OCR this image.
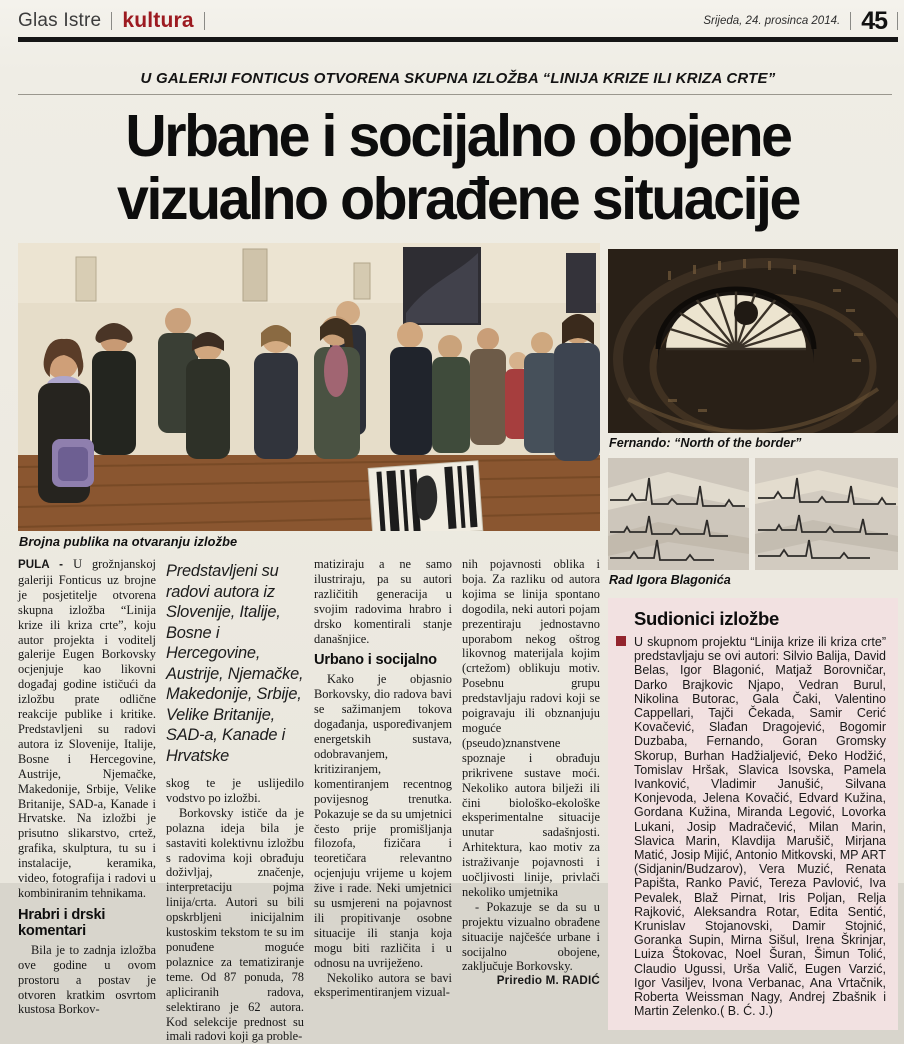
Glas Istre kultura	Srijeda, 24. prosinca 2014. 45
U GALERIJI FONTICUS OTVORENA SKUPNA IZLOŽBA “LINIJA KRIZE ILI KRIZA CRTE”
Urbane i socijalno obojene
vizualno obrađene situacije
Brojna publika na otvaranju izložbe

PULA - U grožnjanskoj galeriji Fonticus uz brojne je posjetitelje otvorena skupna izložba “Linija krize ili kriza crte”, koju autor projekta i voditelj galerije Eugen Borkovsky ocjenjuje kao likovni događaj godine ističući da izložbu prate odlične reakcije publike i kritike. Predstavljeni su radovi autora iz Slovenije, Italije, Bosne i Hercegovine, Austrije, Njemačke, Makedonije, Srbije, Velike Britanije, SAD-a, Kanade i Hrvatske. Na izložbi je prisutno slikarstvo, crtež, grafika, skulptura, tu su i instalacije, keramika, video, fotografija i radovi u kombiniranim tehnikama.

Hrabri i drski komentari

Bila je to zadnja izložba ove godine u ovom prostoru a postav je otvoren kratkim osvrtom kustosa Borkov-

Predstavljeni su radovi autora iz Slovenije, Italije, Bosne i Hercegovine, Austrije, Njemačke, Makedonije, Srbije, Velike Britanije, SAD-a, Kanade i Hrvatske

skog te je uslijedilo vodstvo po izložbi.

Borkovsky ističe da je polazna ideja bila je sastaviti kolektivnu izložbu s radovima koji obrađuju doživljaj, značenje, interpretaciju pojma linija/crta. Autori su bili opskrbljeni inicijalnim kustoskim tekstom te su im ponuđene moguće polaznice za tematiziranje teme. Od 87 ponuda, 78 apliciranih radova, selektirano je 62 autora. Kod selekcije prednost su imali radovi koji ga proble-

matiziraju a ne samo ilustriraju, pa su autori različitih generacija u svojim radovima hrabro i drsko komentirali stanje današnjice.

Urbano i socijalno

Kako je objasnio Borkovsky, dio radova bavi se sažimanjem tokova događanja, uspoređivanjem energetskih sustava, odobravanjem, kritiziranjem, komentiranjem recentnog povijesnog trenutka. Pokazuje se da su umjetnici često prije promišljanja filozofa, fizičara i teoretičara relevantno ocjenjuju vrijeme u kojem žive i rade. Neki umjetnici su usmjereni na pojavnost ili propitivanje osobne situacije ili stanja koja mogu biti različita i u odnosu na uvriježeno.

Nekoliko autora se bavi eksperimentiranjem vizual-

nih pojavnosti oblika i boja. Za razliku od autora kojima se linija spontano dogodila, neki autori pojam prezentiraju jednostavno uporabom nekog oštrog likovnog materijala kojim (crtežom) oblikuju motiv. Posebnu grupu predstavljaju radovi koji se poigravaju ili obznanjuju moguće (pseudo)znanstvene spoznaje i obrađuju prikrivene sustave moći. Nekoliko autora bilježi ili čini biološko-ekološke eksperimentalne situacije unutar sadašnjosti. Arhitektura, kao motiv za istraživanje pojavnosti i uočljivosti linije, privlači nekoliko umjetnika

- Pokazuje se da su u projektu vizualno obrađene situacije najčešće urbane i socijalno obojene, zaključuje Borkovsky.
Priredio M. RADIĆ

Fernando: “North of the border”
Rad Igora Blagonića
Sudionici izložbe

U skupnom projektu “Linija krize ili kriza crte” predstavljaju se ovi autori: Silvio Balija, David Belas, Igor Blagonić, Matjaž Borovničar, Darko Brajkovic Njapo, Vedran Burul, Nikolina Butorac, Gala Čaki, Valentino Cappellari, Tajči Čekada, Samir Cerić Kovačević, Slađan Dragojević, Bogomir Duzbaba, Fernando, Goran Gromsky Skorup, Burhan Hadžialjević, Đeko Hodžić, Tomislav Hršak, Slavica Isovska, Pamela Ivanković, Vladimir Janušić, Silvana Konjevoda, Jelena Kovačić, Edvard Kužina, Gordana Kužina, Miranda Legović, Lovorka Lukani, Josip Madračević, Milan Marin, Slavica Marin, Klavdija Marušič, Mirjana Matić, Josip Mijić, Antonio Mitkovski, MP ART (Sidjanin/Budzarov), Vera Muzić, Renata Papišta, Ranko Pavić, Tereza Pavlović, Iva Pevalek, Blaž Pirnat, Iris Poljan, Relja Rajković, Aleksandra Rotar, Edita Sentić, Krunislav Stojanovski, Damir Stojnić, Goranka Supin, Mirna Sišul, Irena Škrinjar, Luiza Štokovac, Noel Šuran, Šimun Tolić, Claudio Ugussi, Urša Valič, Eugen Varzić, Igor Vasiljev, Ivona Verbanac, Ana Vrtačnik, Roberta Weissman Nagy, Andrej Zbašnik i Martin Zelenko.( B. Ć. J.)
